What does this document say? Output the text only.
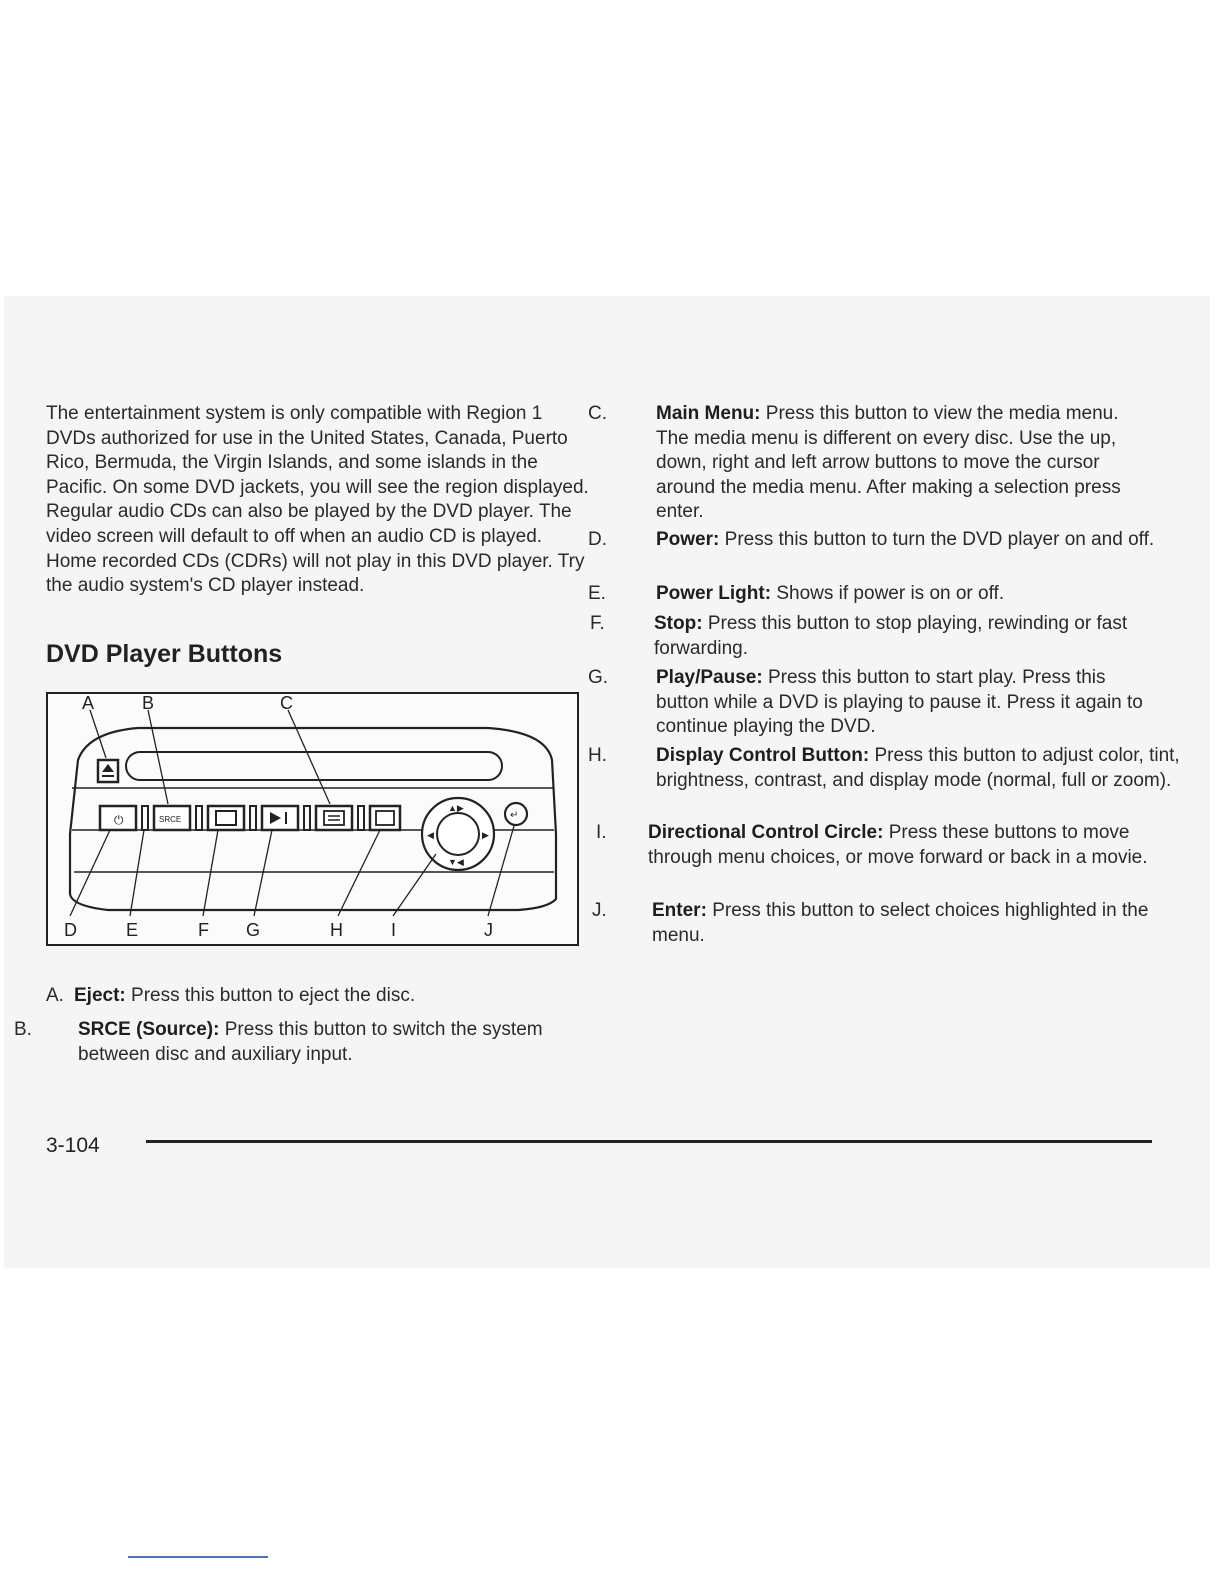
The entertainment system is only compatible with Region 1 DVDs authorized for use in the United States, Canada, Puerto Rico, Bermuda, the Virgin Islands, and some islands in the Pacific. On some DVD jackets, you will see the region displayed. Regular audio CDs can also be played by the DVD player. The video screen will default to off when an audio CD is played. Home recorded CDs (CDRs) will not play in this DVD player. Try the audio system's CD player instead.

DVD Player Buttons
⏻	SRCE
▲▶
▼◀
◀	▶
↵
A	B	C
D	E	F G	H	I	J

A. Eject: Press this button to eject the disc.

B. SRCE (Source): Press this button to switch the system between disc and auxiliary input.

C.	Main Menu: Press this button to view the media menu. The media menu is different on every disc. Use the up, down, right and left arrow buttons to move the cursor around the media menu. After making a selection press enter.

D.	Power: Press this button to turn the DVD player on and off.

E.	Power Light: Shows if power is on or off.

F.	Stop: Press this button to stop playing, rewinding or fast forwarding.

G.	Play/Pause: Press this button to start play. Press this button while a DVD is playing to pause it. Press it again to continue playing the DVD.

H.	Display Control Button: Press this button to adjust color, tint, brightness, contrast, and display mode (normal, full or zoom).

I. Directional Control Circle: Press these buttons to move through menu choices, or move forward or back in a movie.

J. Enter: Press this button to select choices highlighted in the menu.

3-104
